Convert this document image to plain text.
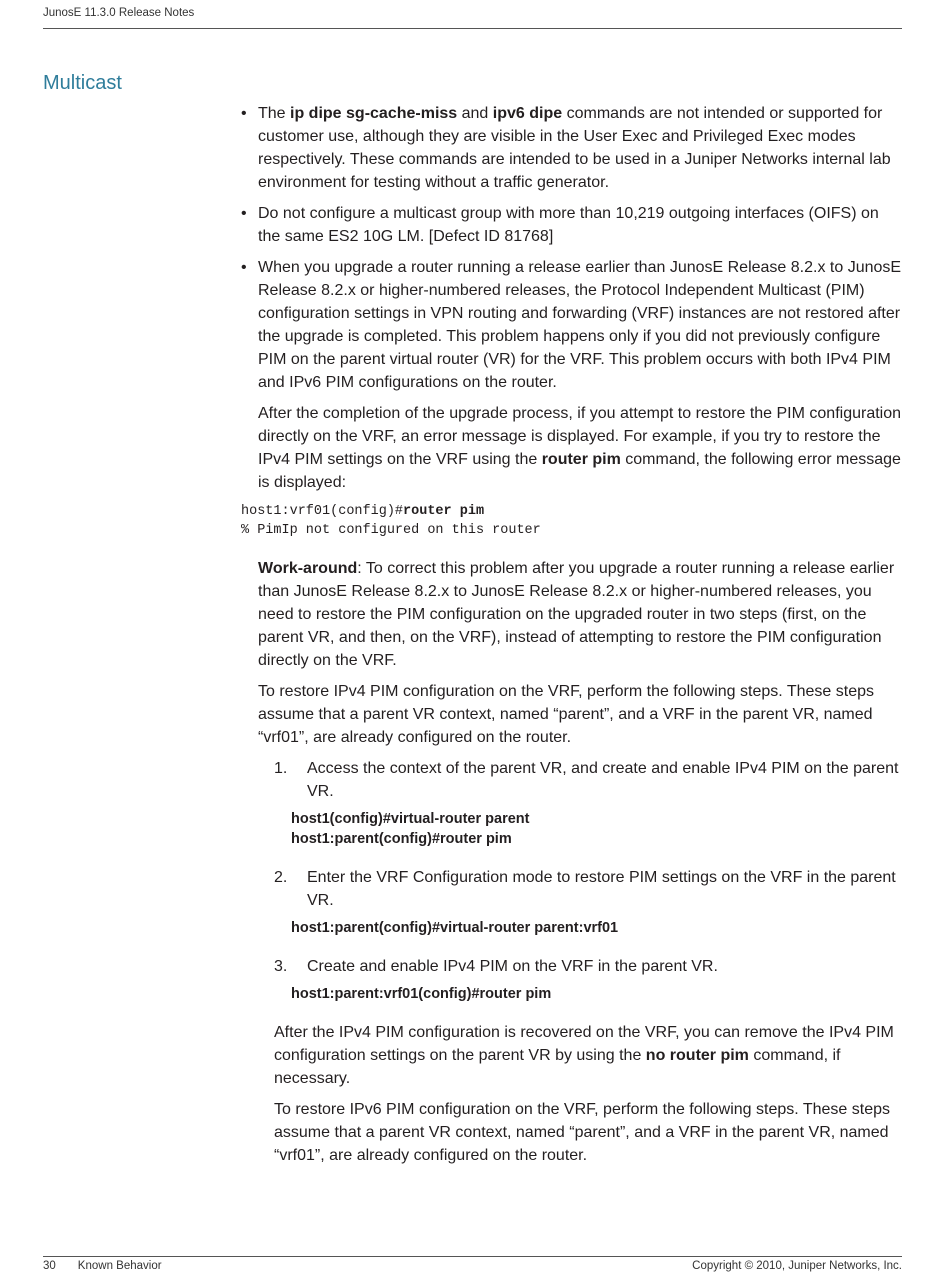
JunosE 11.3.0 Release Notes
Multicast
• The ip dipe sg-cache-miss and ipv6 dipe commands are not intended or supported for customer use, although they are visible in the User Exec and Privileged Exec modes respectively. These commands are intended to be used in a Juniper Networks internal lab environment for testing without a traffic generator.
• Do not configure a multicast group with more than 10,219 outgoing interfaces (OIFS) on the same ES2 10G LM. [Defect ID 81768]
• When you upgrade a router running a release earlier than JunosE Release 8.2.x to JunosE Release 8.2.x or higher-numbered releases, the Protocol Independent Multicast (PIM) configuration settings in VPN routing and forwarding (VRF) instances are not restored after the upgrade is completed. This problem happens only if you did not previously configure PIM on the parent virtual router (VR) for the VRF. This problem occurs with both IPv4 PIM and IPv6 PIM configurations on the router.

After the completion of the upgrade process, if you attempt to restore the PIM configuration directly on the VRF, an error message is displayed. For example, if you try to restore the IPv4 PIM settings on the VRF using the router pim command, the following error message is displayed:

host1:vrf01(config)#router pim
% PimIp not configured on this router

Work-around: To correct this problem after you upgrade a router running a release earlier than JunosE Release 8.2.x to JunosE Release 8.2.x or higher-numbered releases, you need to restore the PIM configuration on the upgraded router in two steps (first, on the parent VR, and then, on the VRF), instead of attempting to restore the PIM configuration directly on the VRF.

To restore IPv4 PIM configuration on the VRF, perform the following steps. These steps assume that a parent VR context, named “parent”, and a VRF in the parent VR, named “vrf01”, are already configured on the router.

1. Access the context of the parent VR, and create and enable IPv4 PIM on the parent VR.
host1(config)#virtual-router parent
host1:parent(config)#router pim
2. Enter the VRF Configuration mode to restore PIM settings on the VRF in the parent VR.
host1:parent(config)#virtual-router parent:vrf01
3. Create and enable IPv4 PIM on the VRF in the parent VR.
host1:parent:vrf01(config)#router pim

After the IPv4 PIM configuration is recovered on the VRF, you can remove the IPv4 PIM configuration settings on the parent VR by using the no router pim command, if necessary.

To restore IPv6 PIM configuration on the VRF, perform the following steps. These steps assume that a parent VR context, named “parent”, and a VRF in the parent VR, named “vrf01”, are already configured on the router.

30 Known Behavior	Copyright © 2010, Juniper Networks, Inc.
